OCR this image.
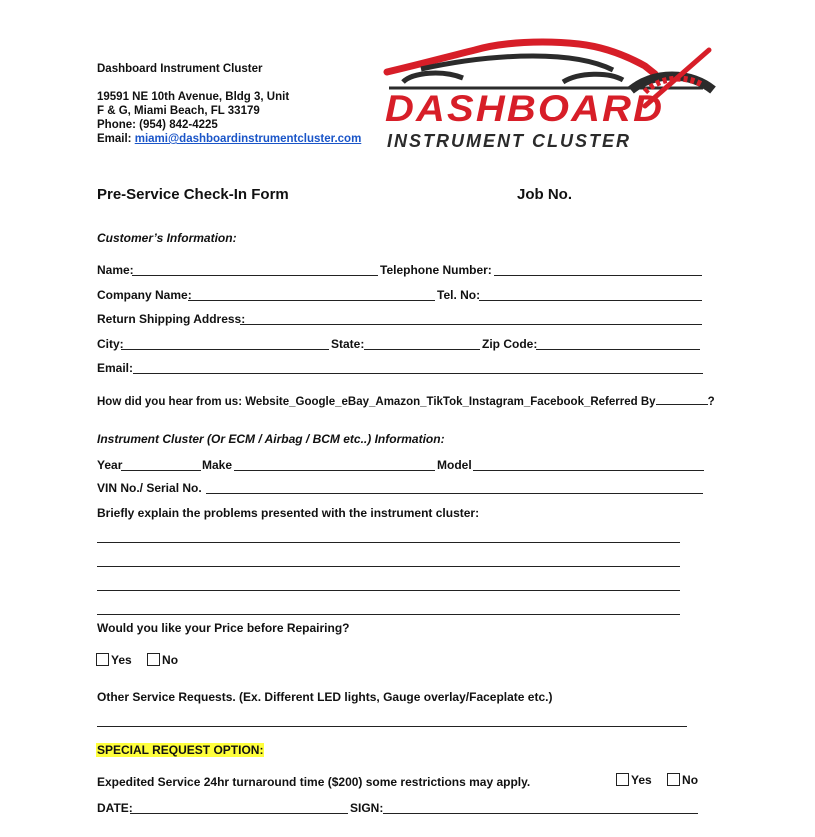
Dashboard Instrument Cluster
19591 NE 10th Avenue, Bldg 3, Unit
F & G, Miami Beach, FL 33179
Phone: (954) 842-4225
Email: miami@dashboardinstrumentcluster.com
DASHBOARD
INSTRUMENT CLUSTER
Pre-Service Check-In Form	Job No.
Customer’s Information:
Name:	Telephone Number:
Company Name:	Tel. No:
Return Shipping Address:
City:	State:	Zip Code:
Email:
How did you hear from us: Website_Google_eBay_Amazon_TikTok_Instagram_Facebook_Referred By	?
Instrument Cluster (Or ECM / Airbag / BCM etc..) Information:
Year	Make	Model
VIN No./ Serial No.
Briefly explain the problems presented with the instrument cluster:
Would you like your Price before Repairing?
Yes	No
Other Service Requests. (Ex. Different LED lights, Gauge overlay/Faceplate etc.)
SPECIAL REQUEST OPTION:
Expedited Service 24hr turnaround time ($200) some restrictions may apply.	Yes	No
DATE:	SIGN:
